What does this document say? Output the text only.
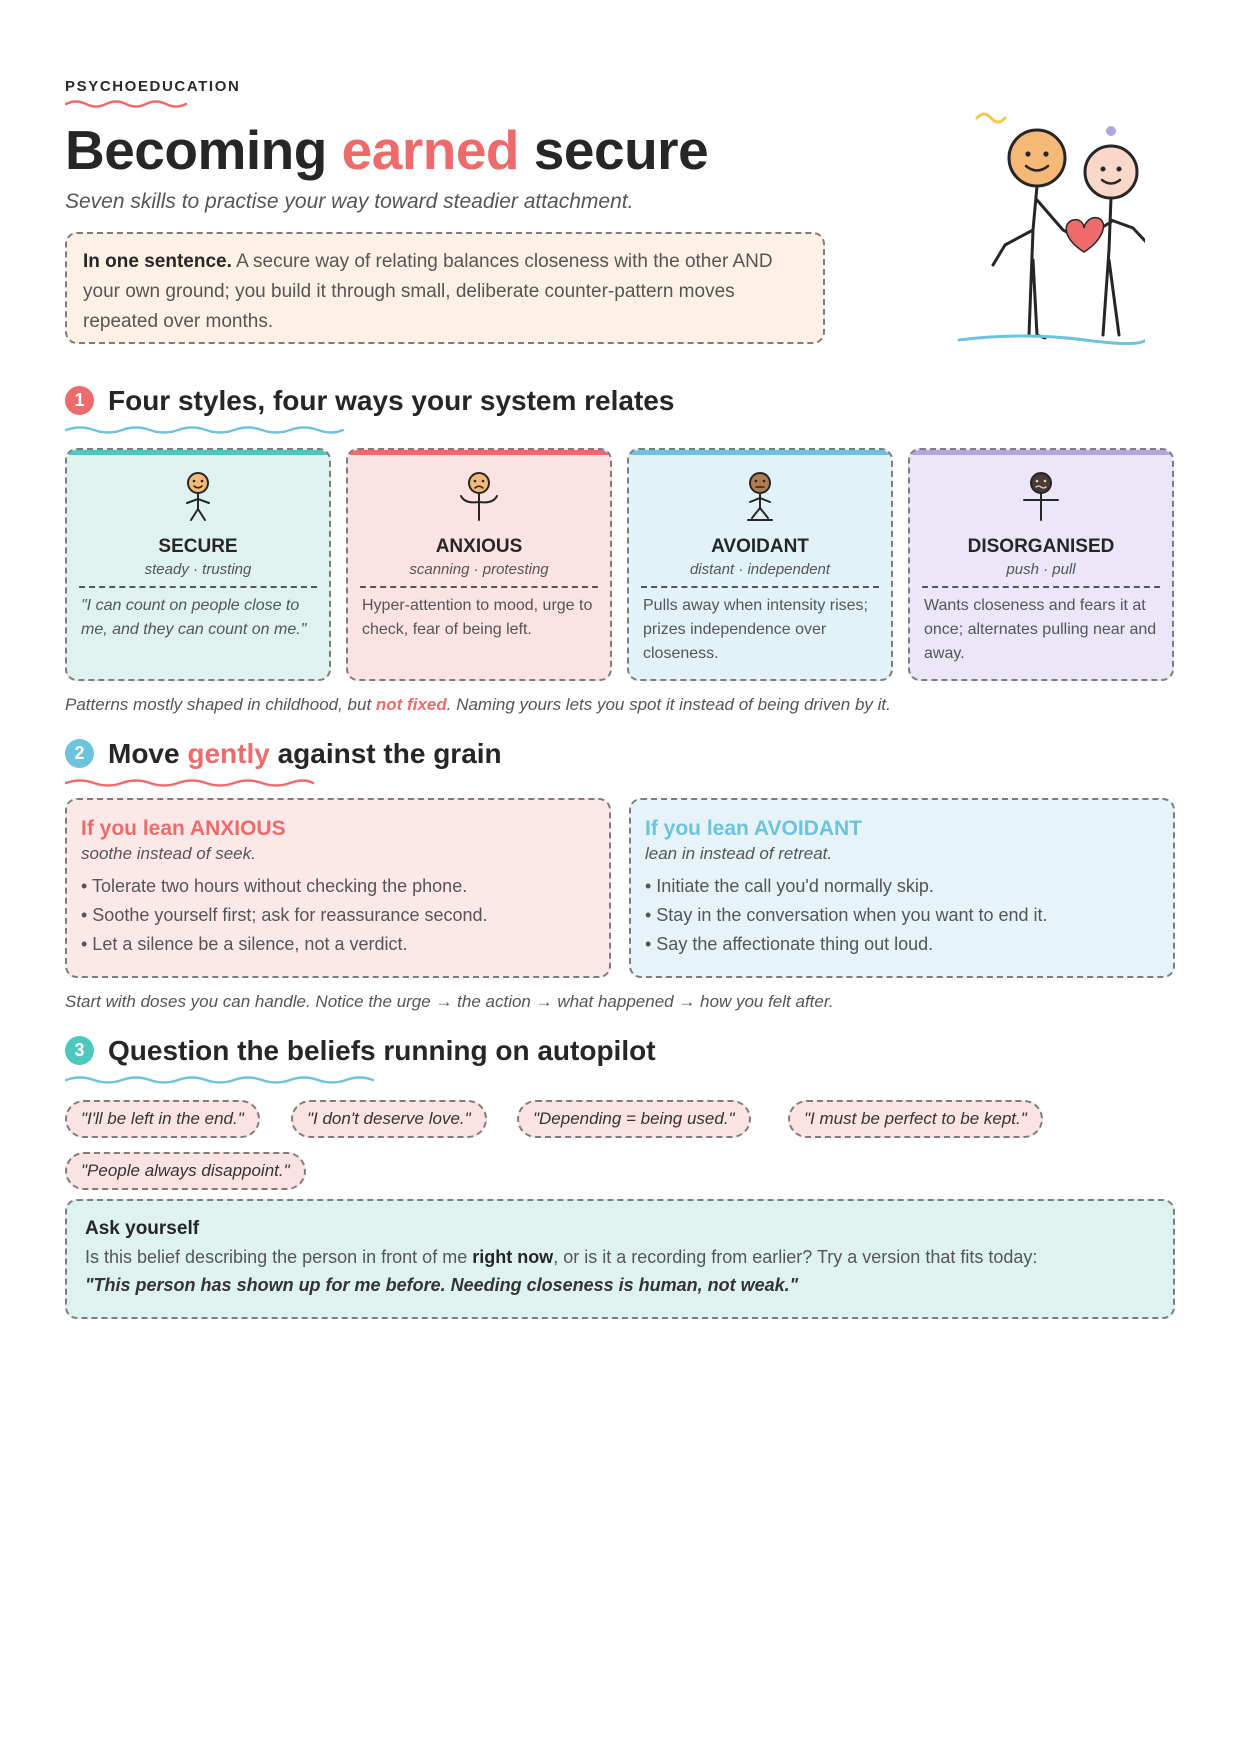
PSYCHOEDUCATION
Becoming earned secure
Seven skills to practise your way toward steadier attachment.
In one sentence. A secure way of relating balances closeness with the other AND your own ground; you build it through small, deliberate counter-pattern moves repeated over months.
1 Four styles, four ways your system relates
SECURE
steady · trusting
"I can count on people close to me, and they can count on me."
ANXIOUS
scanning · protesting
Hyper-attention to mood, urge to check, fear of being left.
AVOIDANT
distant · independent
Pulls away when intensity rises; prizes independence over closeness.
DISORGANISED
push · pull
Wants closeness and fears it at once; alternates pulling near and away.
Patterns mostly shaped in childhood, but not fixed. Naming yours lets you spot it instead of being driven by it.
2 Move gently against the grain
If you lean ANXIOUS
soothe instead of seek.
• Tolerate two hours without checking the phone.
• Soothe yourself first; ask for reassurance second.
• Let a silence be a silence, not a verdict.
If you lean AVOIDANT
lean in instead of retreat.
• Initiate the call you'd normally skip.
• Stay in the conversation when you want to end it.
• Say the affectionate thing out loud.
Start with doses you can handle. Notice the urge → the action → what happened → how you felt after.
3 Question the beliefs running on autopilot
"I'll be left in the end."	"I don't deserve love."	"Depending = being used."	"I must be perfect to be kept."
"People always disappoint."
Ask yourself
Is this belief describing the person in front of me right now, or is it a recording from earlier? Try a version that fits today:
"This person has shown up for me before. Needing closeness is human, not weak."
